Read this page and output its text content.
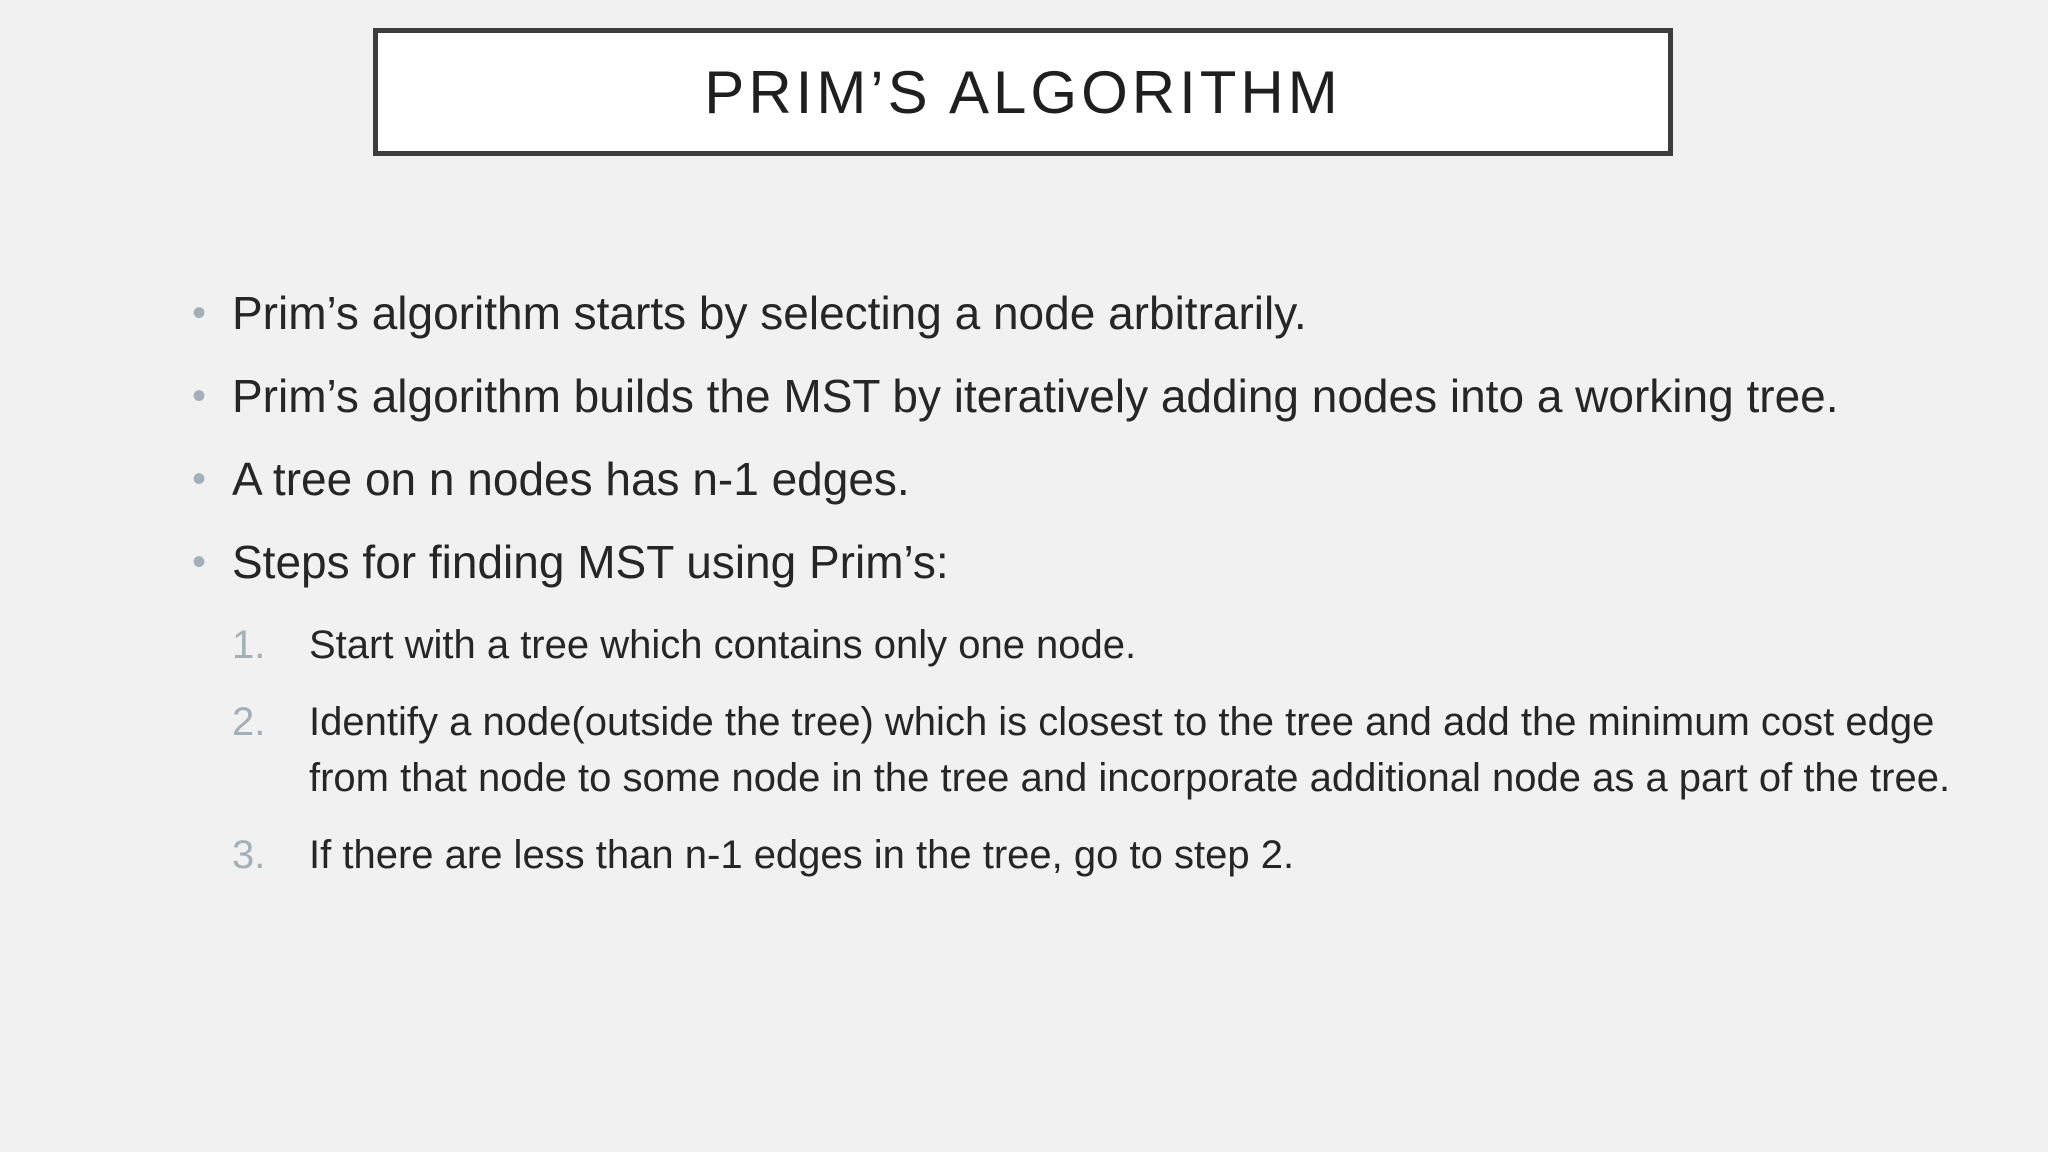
PRIM’S ALGORITHM
• Prim’s algorithm starts by selecting a node arbitrarily.
• Prim’s algorithm builds the MST by iteratively adding nodes into a working tree.
• A tree on n nodes has n-1 edges.
• Steps for finding MST using Prim’s:
1. Start with a tree which contains only one node.
2. Identify a node(outside the tree) which is closest to the tree and add the minimum cost edge from that node to some node in the tree and incorporate additional node as a part of the tree.
3. If there are less than n-1 edges in the tree, go to step 2.
